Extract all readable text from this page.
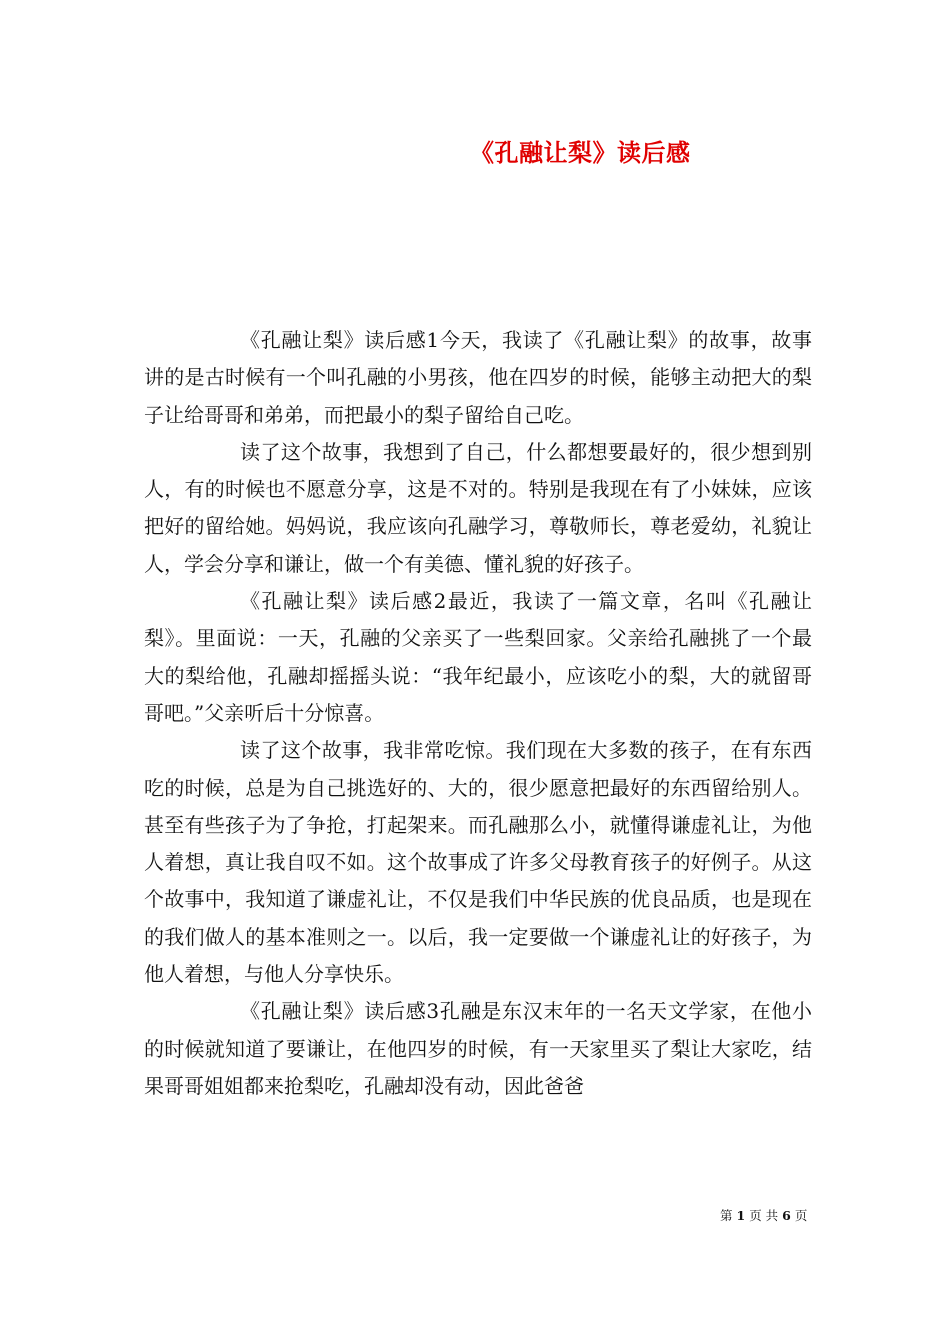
《孔融让梨》读后感

《孔融让梨》读后感1今天，我读了《孔融让梨》的故事，故事讲的是古时候有一个叫孔融的小男孩，他在四岁的时候，能够主动把大的梨子让给哥哥和弟弟，而把最小的梨子留给自己吃。

读了这个故事，我想到了自己，什么都想要最好的，很少想到别人，有的时候也不愿意分享，这是不对的。特别是我现在有了小妹妹，应该把好的留给她。妈妈说，我应该向孔融学习，尊敬师长，尊老爱幼，礼貌让人，学会分享和谦让，做一个有美德、懂礼貌的好孩子。

《孔融让梨》读后感2最近，我读了一篇文章，名叫《孔融让梨》。里面说：一天，孔融的父亲买了一些梨回家。父亲给孔融挑了一个最大的梨给他，孔融却摇摇头说：“我年纪最小，应该吃小的梨，大的就留哥哥吧。”父亲听后十分惊喜。

读了这个故事，我非常吃惊。我们现在大多数的孩子，在有东西吃的时候，总是为自己挑选好的、大的，很少愿意把最好的东西留给别人。甚至有些孩子为了争抢，打起架来。而孔融那么小，就懂得谦虚礼让，为他人着想，真让我自叹不如。这个故事成了许多父母教育孩子的好例子。从这个故事中，我知道了谦虚礼让，不仅是我们中华民族的优良品质，也是现在的我们做人的基本准则之一。以后，我一定要做一个谦虚礼让的好孩子，为他人着想，与他人分享快乐。

《孔融让梨》读后感3孔融是东汉末年的一名天文学家，在他小的时候就知道了要谦让，在他四岁的时候，有一天家里买了梨让大家吃，结果哥哥姐姐都来抢梨吃，孔融却没有动，因此爸爸

第 1 页 共 6 页
